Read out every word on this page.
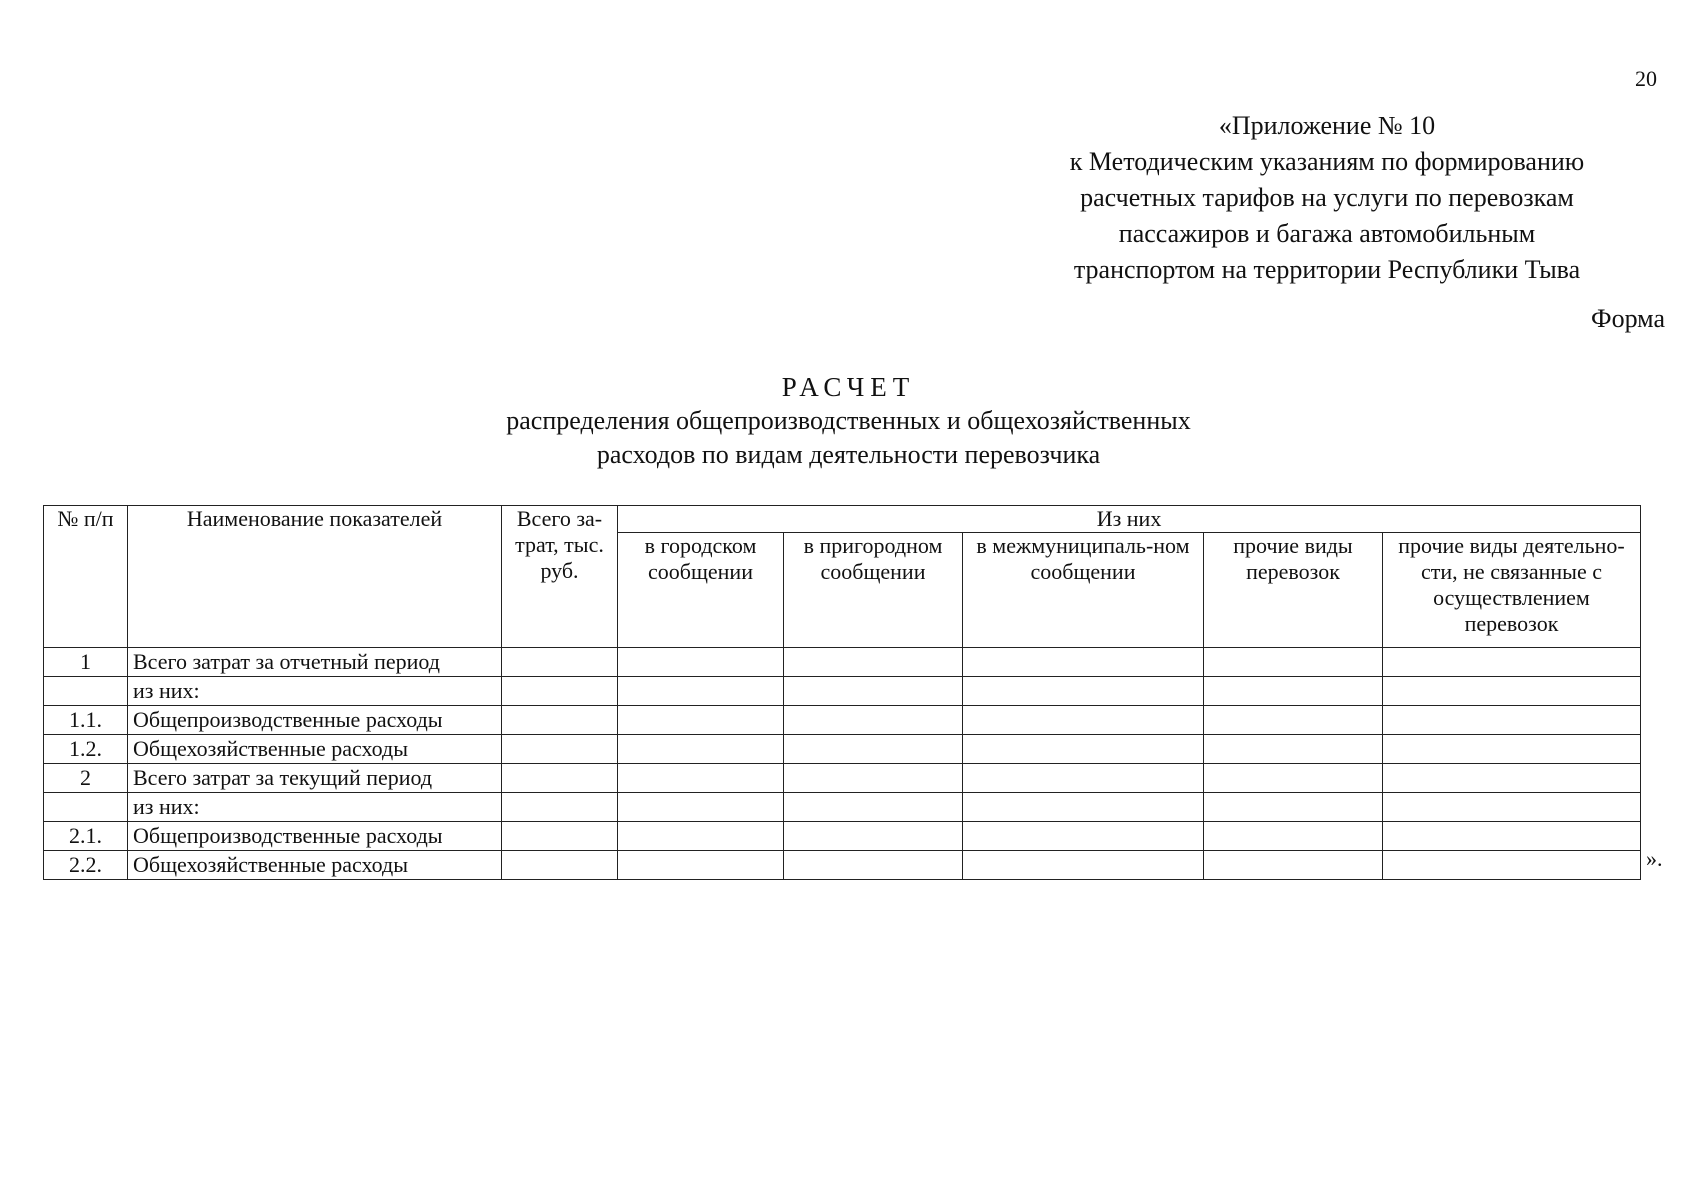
20
«Приложение № 10
к Методическим указаниям по формированию
расчетных тарифов на услуги по перевозкам
пассажиров и багажа автомобильным
транспортом на территории Республики Тыва
Форма
РАСЧЕТ
распределения общепроизводственных и общехозяйственных
расходов по видам деятельности перевозчика
№ п/п	Наименование показателей	Всего за-трат, тыс. руб.	Из них				
			в городском сообщении	в пригородном сообщении	в межмуниципаль-ном сообщении	прочие виды перевозок	прочие виды деятельно-сти, не связанные с осуществлением перевозок
1	Всего затрат за отчетный период						
	из них:						
1.1.	Общепроизводственные расходы						
1.2.	Общехозяйственные расходы						
2	Всего затрат за текущий период						
	из них:						
2.1.	Общепроизводственные расходы						
2.2.	Общехозяйственные расходы							».
